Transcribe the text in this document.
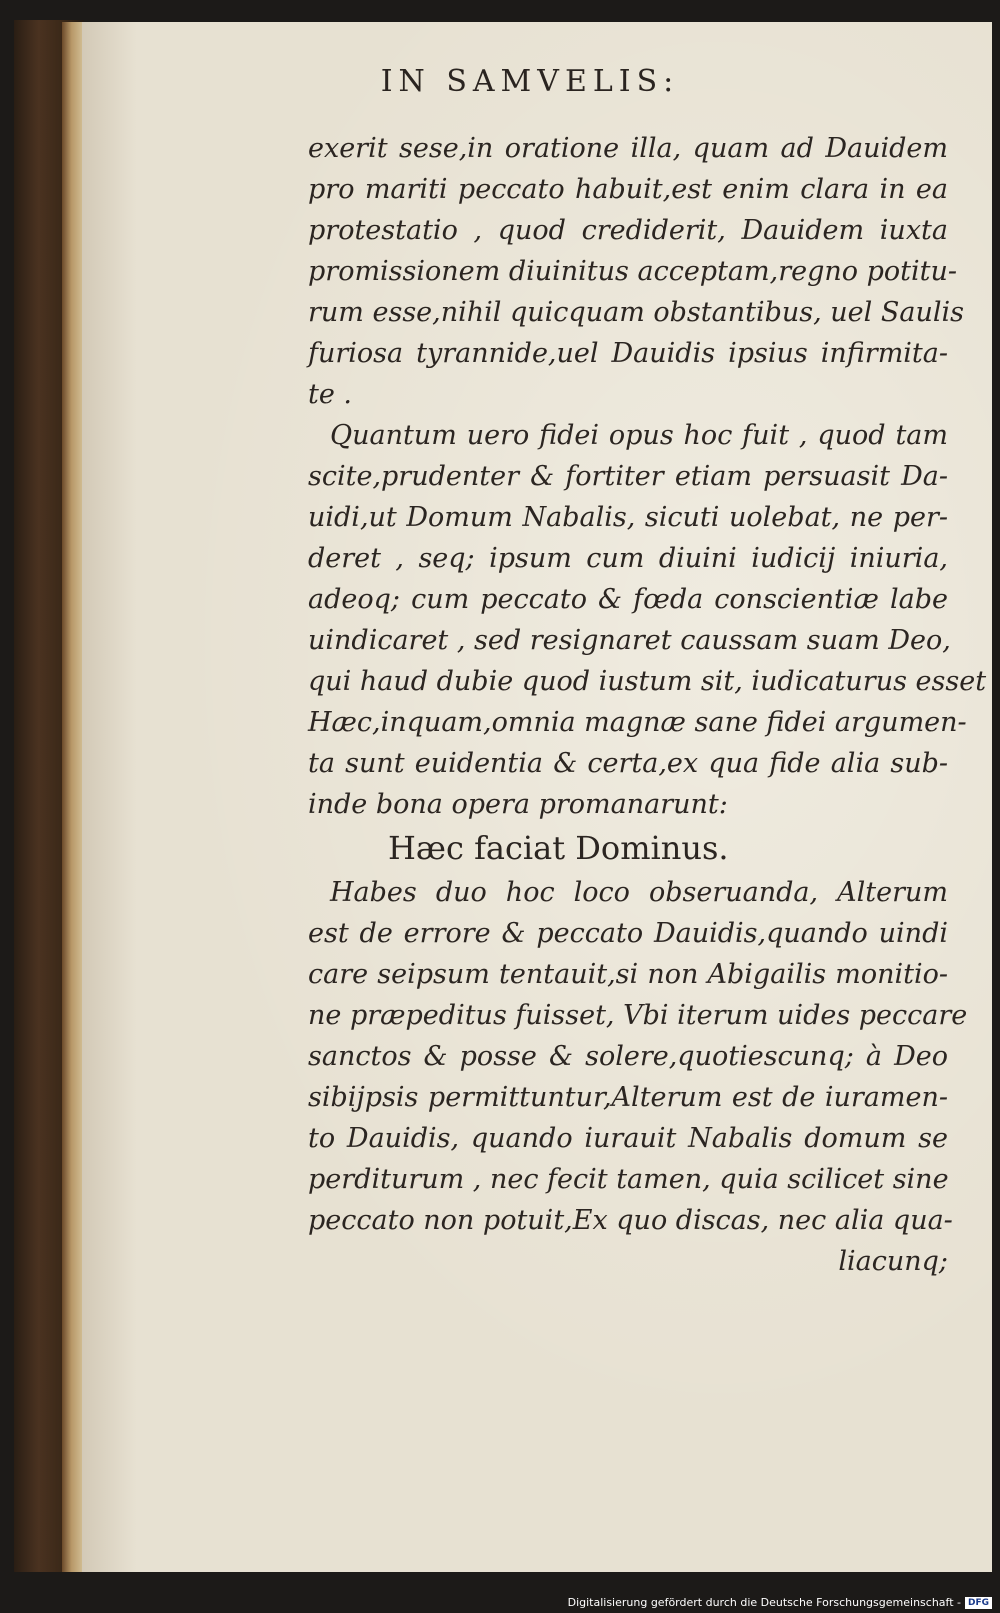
IN SAMVELIS:
exerit sese,in oratione illa, quam ad Dauidem
pro mariti peccato habuit,est enim clara in ea
protestatio , quod crediderit, Dauidem iuxta
promissionem diuinitus acceptam,regno potitu-
rum esse,nihil quicquam obstantibus, uel Saulis
furiosa tyrannide,uel Dauidis ipsius infirmita-
te .
Quantum uero fidei opus hoc fuit , quod tam
scite,prudenter & fortiter etiam persuasit Da-
uidi,ut Domum Nabalis, sicuti uolebat, ne per-
deret , seq; ipsum cum diuini iudicij iniuria,
adeoq; cum peccato & fœda conscientiæ labe
uindicaret , sed resignaret caussam suam Deo,
qui haud dubie quod iustum sit, iudicaturus esset
Hæc,inquam,omnia magnæ sane fidei argumen-
ta sunt euidentia & certa,ex qua fide alia sub-
inde bona opera promanarunt:
Hæc faciat Dominus.
Habes duo hoc loco obseruanda, Alterum
est de errore & peccato Dauidis,quando uindi
care seipsum tentauit,si non Abigailis monitio-
ne præpeditus fuisset, Vbi iterum uides peccare
sanctos & posse & solere,quotiescunq; à Deo
sibijpsis permittuntur,Alterum est de iuramen-
to Dauidis, quando iurauit Nabalis domum se
perditurum , nec fecit tamen, quia scilicet sine
peccato non potuit,Ex quo discas, nec alia qua-
liacunq;
Digitalisierung gefördert durch die Deutsche Forschungsgemeinschaft - DFG
